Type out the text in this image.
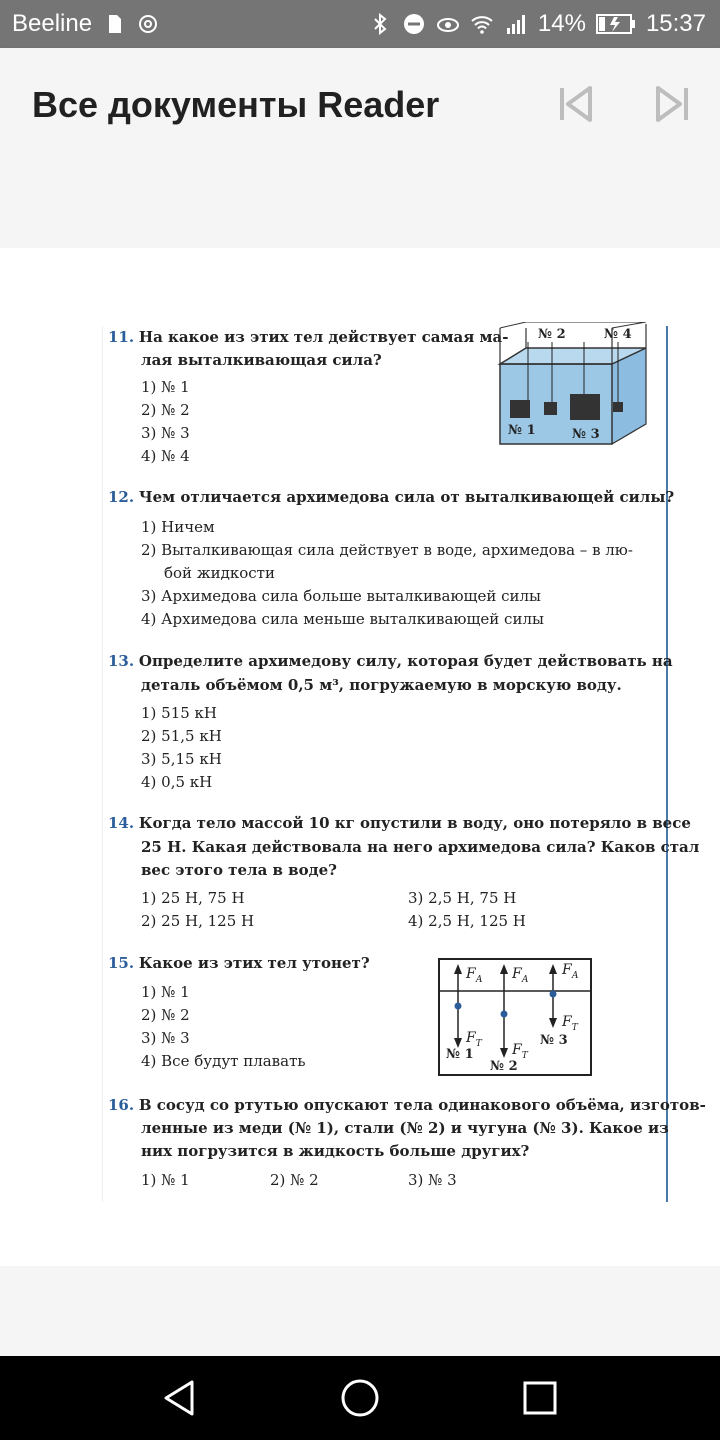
Beeline	14%	15:37
Все документы Reader
11. На какое из этих тел действует самая ма-
лая выталкивающая сила?
1) № 1
2) № 2
3) № 3
4) № 4
№ 2	№ 4
№ 1	№ 3
12. Чем отличается архимедова сила от выталкивающей силы?
1) Ничем
2) Выталкивающая сила действует в воде, архимедова – в лю-
бой жидкости
3) Архимедова сила больше выталкивающей силы
4) Архимедова сила меньше выталкивающей силы
13. Определите архимедову силу, которая будет действовать на
деталь объёмом 0,5 м³, погружаемую в морскую воду.
1) 515 кН
2) 51,5 кН
3) 5,15 кН
4) 0,5 кН
14. Когда тело массой 10 кг опустили в воду, оно потеряло в весе
25 Н. Какая действовала на него архимедова сила? Каков стал
вес этого тела в воде?
1) 25 Н, 75 Н
2) 25 Н, 125 Н
3) 2,5 Н, 75 Н
4) 2,5 Н, 125 Н
15. Какое из этих тел утонет?
1) № 1
2) № 2
3) № 3
4) Все будут плавать
$F_А$ $F_А$
$F_А$
$F_Т$ $F_Т$
$F_Т$
№ 1
№ 2
№ 3
16. В сосуд со ртутью опускают тела одинакового объёма, изготов-
ленные из меди (№ 1), стали (№ 2) и чугуна (№ 3). Какое из
них погрузится в жидкость больше других?
1) № 1	2) № 2	3) № 3
